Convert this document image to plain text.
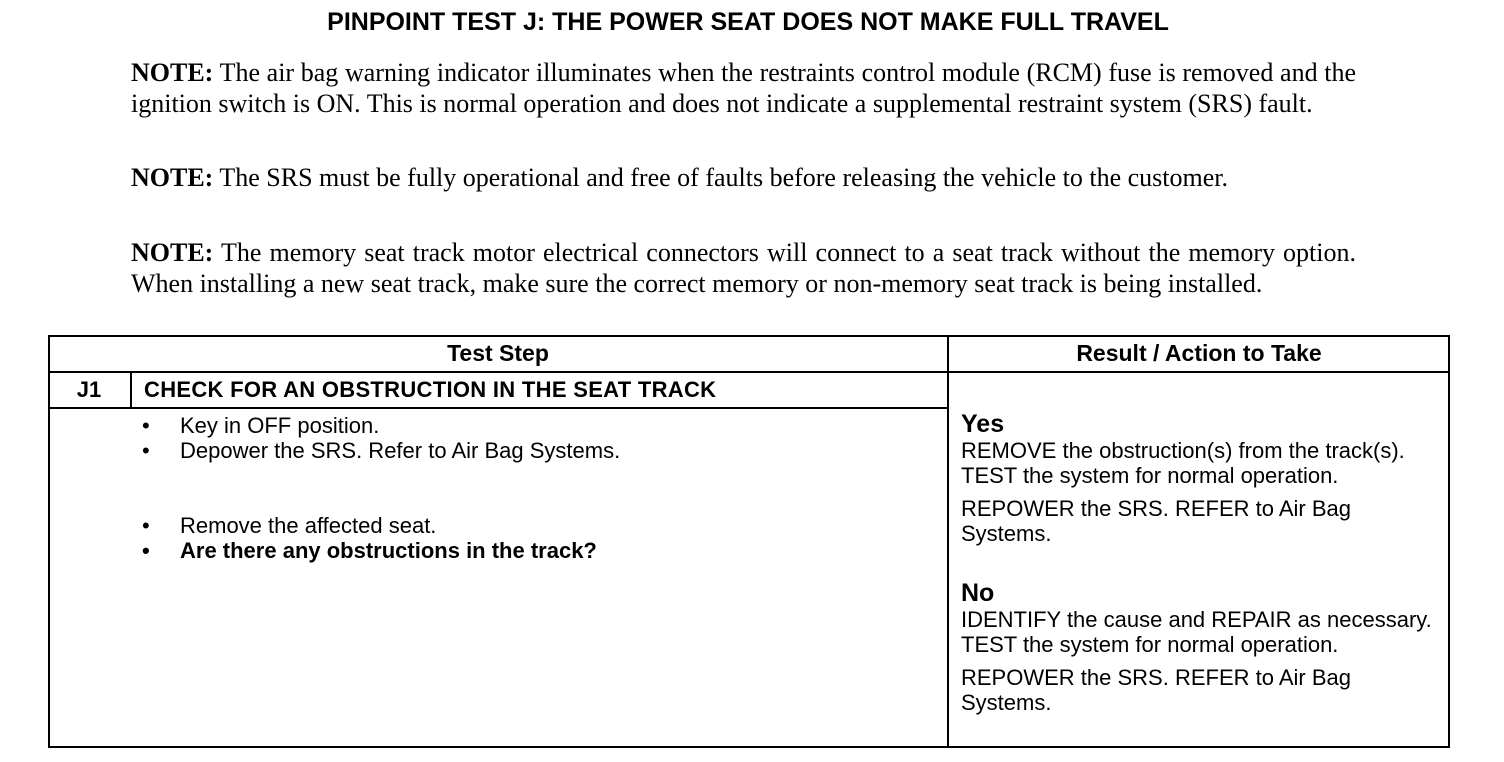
PINPOINT TEST J: THE POWER SEAT DOES NOT MAKE FULL TRAVEL
NOTE: The air bag warning indicator illuminates when the restraints control module (RCM) fuse is removed and the ignition switch is ON. This is normal operation and does not indicate a supplemental restraint system (SRS) fault.
NOTE: The SRS must be fully operational and free of faults before releasing the vehicle to the customer.
NOTE: The memory seat track motor electrical connectors will connect to a seat track without the memory option. When installing a new seat track, make sure the correct memory or non-memory seat track is being installed.
Test Step	Result / Action to Take
J1	CHECK FOR AN OBSTRUCTION IN THE SEAT TRACK
• Key in OFF position.
• Depower the SRS. Refer to Air Bag Systems.
• Remove the affected seat.
• Are there any obstructions in the track?

Yes

REMOVE the obstruction(s) from the track(s). TEST the system for normal operation.

REPOWER the SRS. REFER to Air Bag Systems.

No

IDENTIFY the cause and REPAIR as necessary. TEST the system for normal operation.

REPOWER the SRS. REFER to Air Bag Systems.
